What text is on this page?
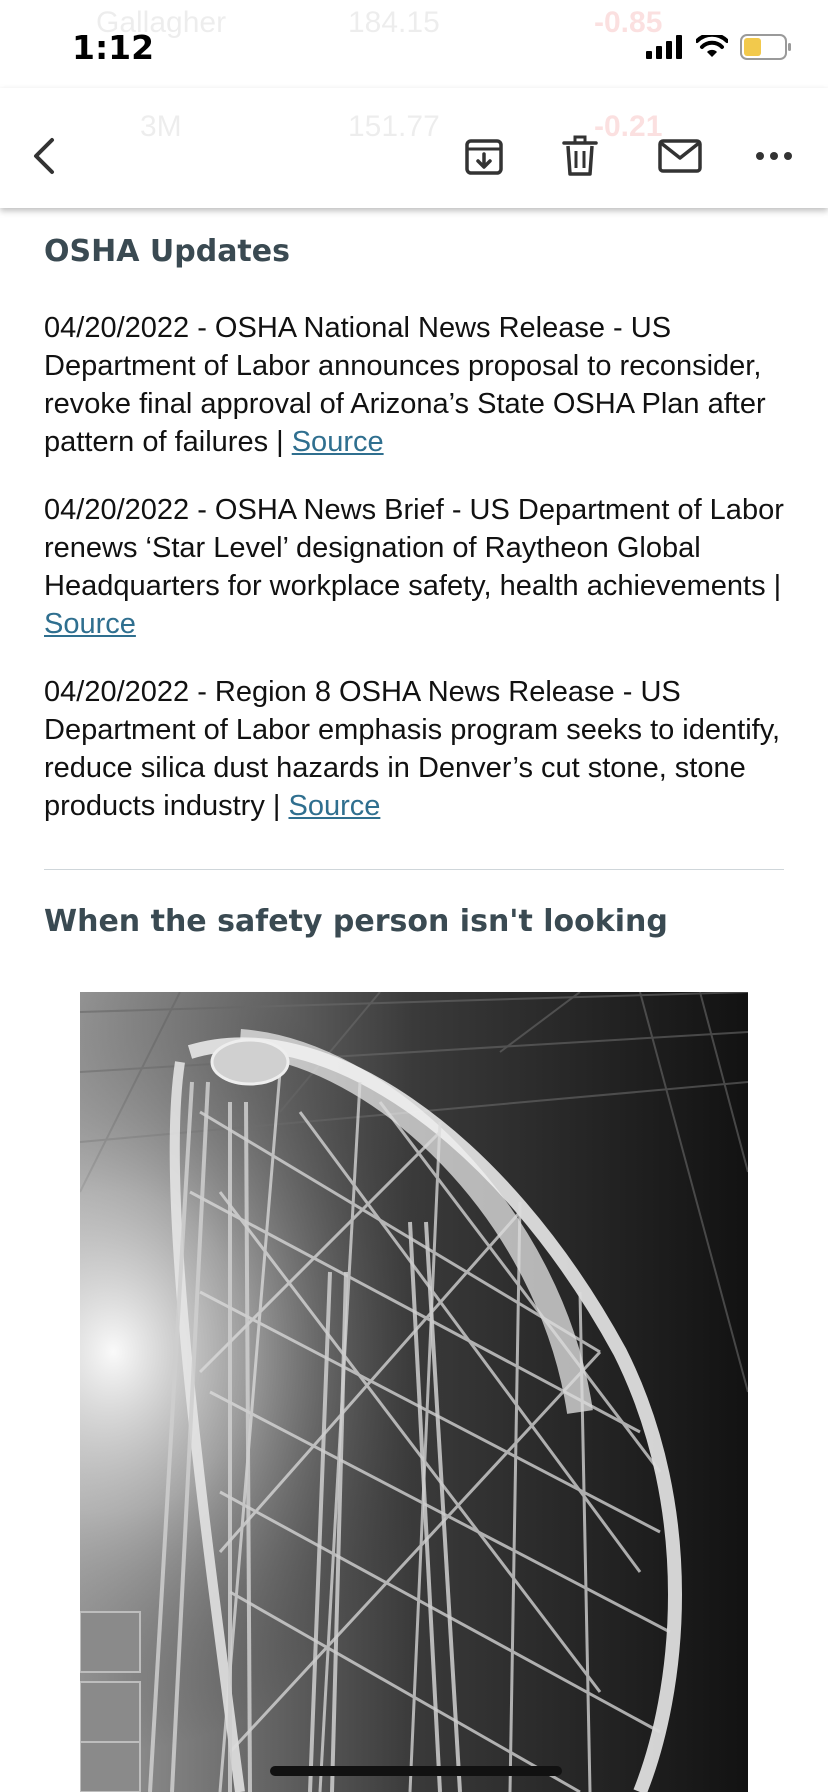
1:12
OSHA Updates

04/20/2022 - OSHA National News Release - US Department of Labor announces proposal to reconsider, revoke final approval of Arizona’s State OSHA Plan after pattern of failures | Source

04/20/2022 - OSHA News Brief - US Department of Labor renews ‘Star Level’ designation of Raytheon Global Headquarters for workplace safety, health achievements | Source

04/20/2022 - Region 8 OSHA News Release - US Department of Labor emphasis program seeks to identify, reduce silica dust hazards in Denver’s cut stone, stone products industry | Source

When the safety person isn't looking
